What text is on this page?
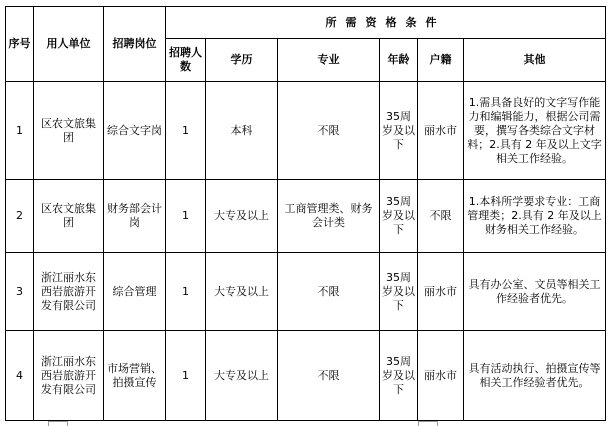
序号	用人单位	招聘岗位	所需资格条件					
			招聘人数	学历	专业	年龄	户籍	其他
1	区农文旅集团	综合文字岗	1	本科	不限	35周岁及以下	丽水市	1.需具备良好的文字写作能力和编辑能力，根据公司需要，撰写各类综合文字材料；2.具有 2 年及以上文字相关工作经验。
2	区农文旅集团	财务部会计岗	1	大专及以上	工商管理类、财务会计类	35周岁及以下	不限	1.本科所学要求专业：工商管理类；2.具有 2 年及以上财务相关工作经验。
3	浙江丽水东西岩旅游开发有限公司	综合管理	1	大专及以上	不限	35周岁及以下	丽水市	具有办公室、文员等相关工作经验者优先。
4	浙江丽水东西岩旅游开发有限公司	市场营销、拍摄宣传	1	大专及以上	不限	35周岁及以下	丽水市	具有活动执行、拍摄宣传等相关工作经验者优先。
